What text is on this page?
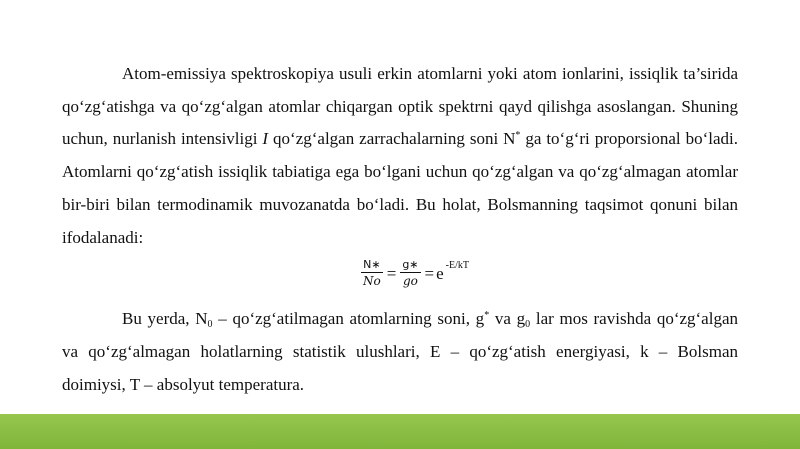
Atom-emissiya spektroskopiya usuli erkin atomlarni yoki atom ionlarini, issiqlik ta’sirida qo‘zg‘atishga va qo‘zg‘algan atomlar chiqargan optik spektrni qayd qilishga asoslangan. Shuning uchun, nurlanish intensivligi I qo‘zg‘algan zarrachalarning soni N* ga to‘g‘ri proporsional bo‘ladi. Atomlarni qo‘zg‘atish issiqlik tabiatiga ega bo‘lgani uchun qo‘zg‘algan va qo‘zg‘almagan atomlar bir-biri bilan termodinamik muvozanatda bo‘ladi. Bu holat, Bolsmanning taqsimot qonuni bilan ifodalanadi:

$\frac{N∗}{No} = \frac{g∗}{go} = e$ -E/kT

Bu yerda, $N_0$ – qo‘zg‘atilmagan atomlarning soni, g* va $g_0$ lar mos ravishda qo‘zg‘algan va qo‘zg‘almagan holatlarning statistik ulushlari, E – qo‘zg‘atish energiyasi, k – Bolsman doimiysi, T – absolyut temperatura.
